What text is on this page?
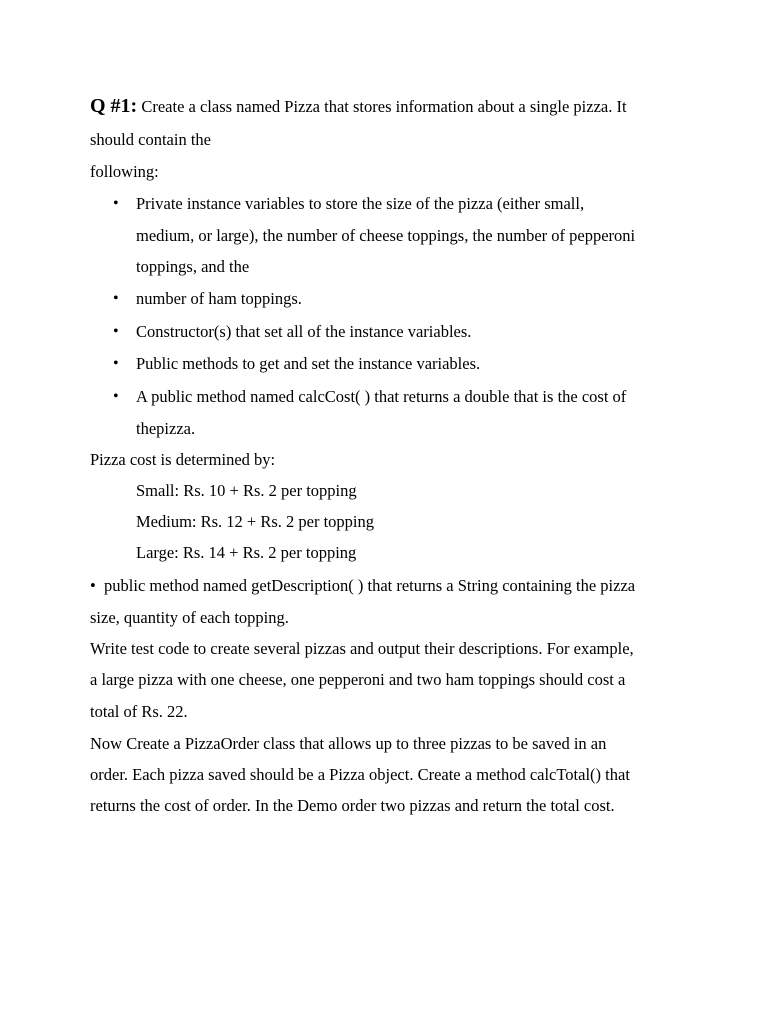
Q #1: Create a class named Pizza that stores information about a single pizza. It
should contain the
following:
• Private instance variables to store the size of the pizza (either small,
medium, or large), the number of cheese toppings, the number of pepperoni
toppings, and the
• number of ham toppings.
• Constructor(s) that set all of the instance variables.
• Public methods to get and set the instance variables.
• A public method named calcCost( ) that returns a double that is the cost of
thepizza.
Pizza cost is determined by:
Small: Rs. 10 + Rs. 2 per topping
Medium: Rs. 12 + Rs. 2 per topping
Large: Rs. 14 + Rs. 2 per topping
• public method named getDescription( ) that returns a String containing the pizza
size, quantity of each topping.
Write test code to create several pizzas and output their descriptions. For example,
a large pizza with one cheese, one pepperoni and two ham toppings should cost a
total of Rs. 22.
Now Create a PizzaOrder class that allows up to three pizzas to be saved in an
order. Each pizza saved should be a Pizza object. Create a method calcTotal() that
returns the cost of order. In the Demo order two pizzas and return the total cost.
